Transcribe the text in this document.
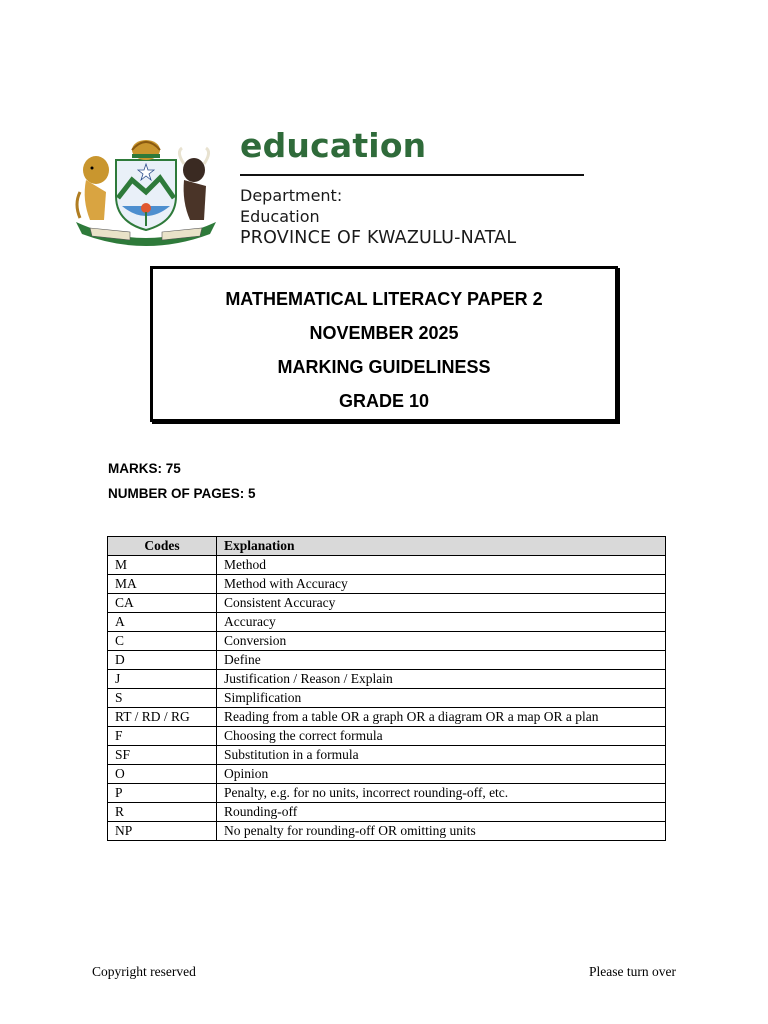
education

Department:

Education

PROVINCE OF KWAZULU-NATAL

MATHEMATICAL LITERACY PAPER 2

NOVEMBER 2025

MARKING GUIDELINESS

GRADE 10

MARKS: 75

NUMBER OF PAGES: 5

Codes	Explanation
M	Method
MA	Method with Accuracy
CA	Consistent Accuracy
A	Accuracy
C	Conversion
D	Define
J	Justification / Reason / Explain
S	Simplification
RT / RD / RG	Reading from a table OR a graph OR a diagram OR a map OR a plan
F	Choosing the correct formula
SF	Substitution in a formula
O	Opinion
P	Penalty, e.g. for no units, incorrect rounding-off, etc.
R	Rounding-off
NP	No penalty for rounding-off OR omitting units

Copyright reserved	Please turn over
